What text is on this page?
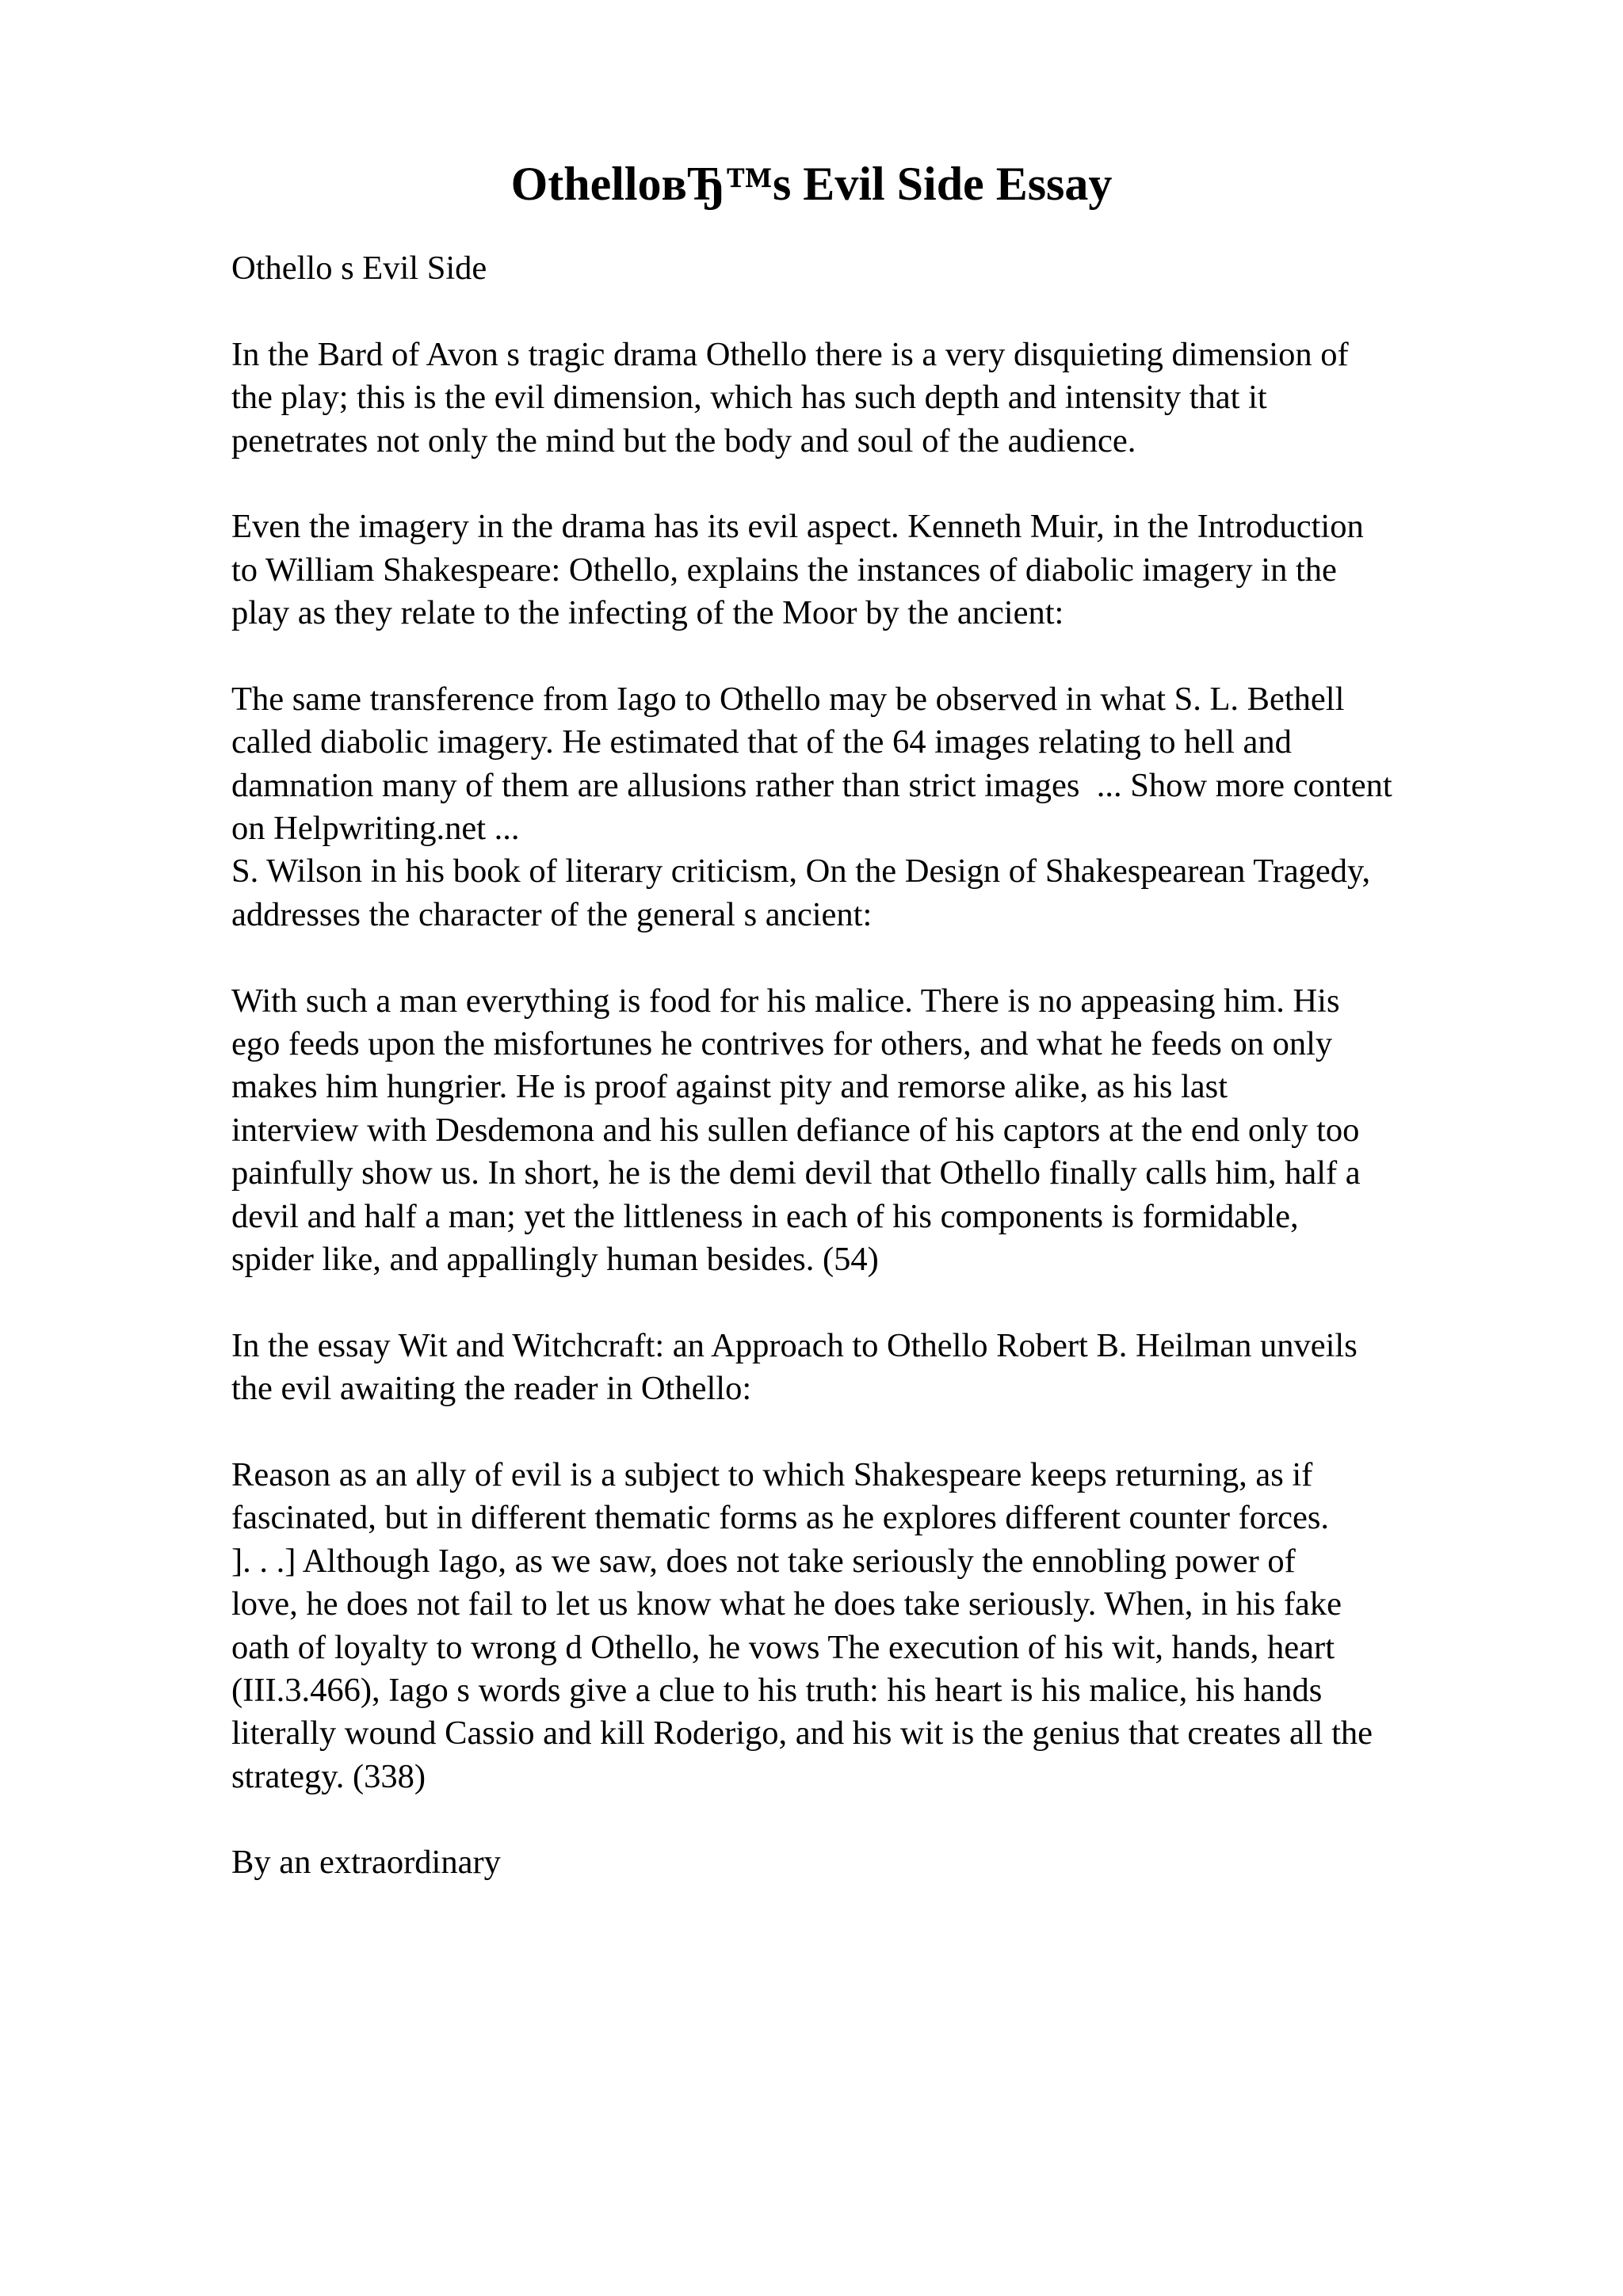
OthelloвЂ™s Evil Side Essay
Othello s Evil Side
In the Bard of Avon s tragic drama Othello there is a very disquieting dimension of
the play; this is the evil dimension, which has such depth and intensity that it
penetrates not only the mind but the body and soul of the audience.
Even the imagery in the drama has its evil aspect. Kenneth Muir, in the Introduction
to William Shakespeare: Othello, explains the instances of diabolic imagery in the
play as they relate to the infecting of the Moor by the ancient:
The same transference from Iago to Othello may be observed in what S. L. Bethell
called diabolic imagery. He estimated that of the 64 images relating to hell and
damnation many of them are allusions rather than strict images  ... Show more content
on Helpwriting.net ...
S. Wilson in his book of literary criticism, On the Design of Shakespearean Tragedy,
addresses the character of the general s ancient:
With such a man everything is food for his malice. There is no appeasing him. His
ego feeds upon the misfortunes he contrives for others, and what he feeds on only
makes him hungrier. He is proof against pity and remorse alike, as his last
interview with Desdemona and his sullen defiance of his captors at the end only too
painfully show us. In short, he is the demi devil that Othello finally calls him, half a
devil and half a man; yet the littleness in each of his components is formidable,
spider like, and appallingly human besides. (54)
In the essay Wit and Witchcraft: an Approach to Othello Robert B. Heilman unveils
the evil awaiting the reader in Othello:
Reason as an ally of evil is a subject to which Shakespeare keeps returning, as if
fascinated, but in different thematic forms as he explores different counter forces.
]. . .] Although Iago, as we saw, does not take seriously the ennobling power of
love, he does not fail to let us know what he does take seriously. When, in his fake
oath of loyalty to wrong d Othello, he vows The execution of his wit, hands, heart
(III.3.466), Iago s words give a clue to his truth: his heart is his malice, his hands
literally wound Cassio and kill Roderigo, and his wit is the genius that creates all the
strategy. (338)
By an extraordinary
